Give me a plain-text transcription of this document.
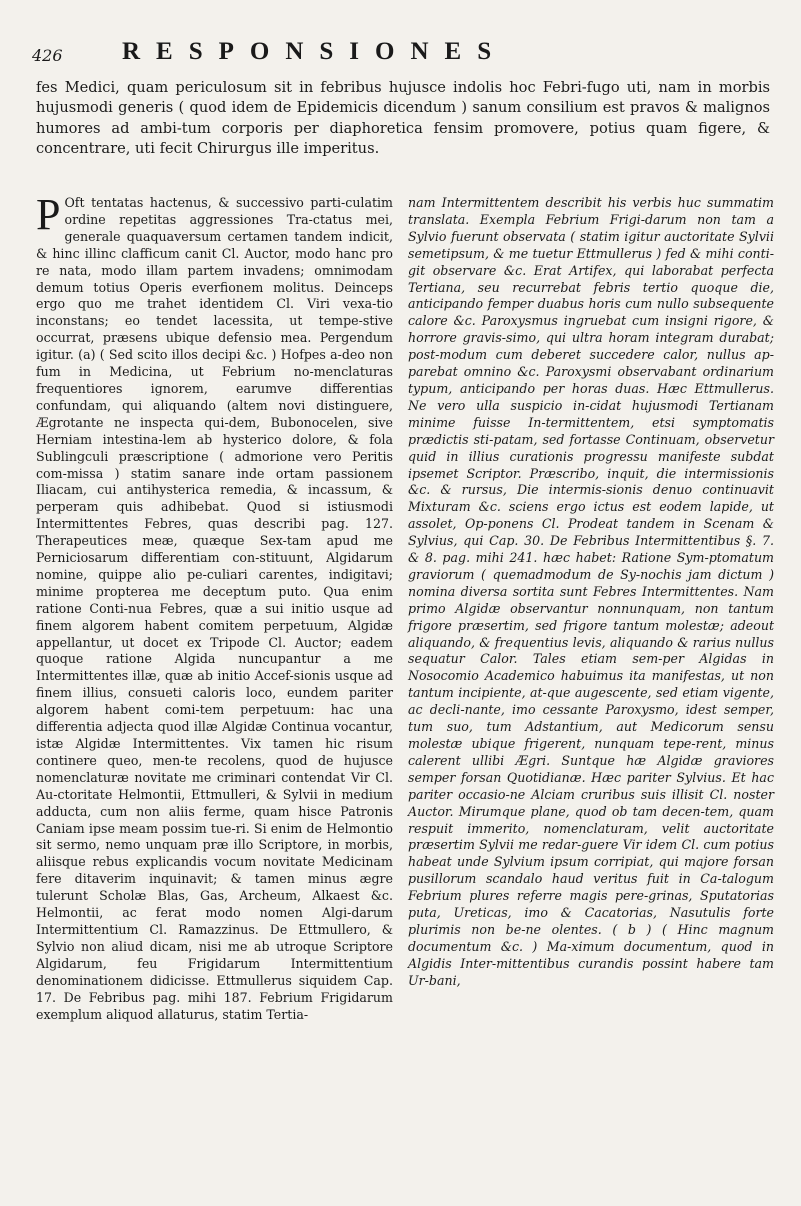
426 RESPONSIONES
fes Medici, quam periculosum sit in febribus hujusce indolis hoc Febri-fugo uti, nam in morbis hujusmodi generis ( quod idem de Epidemicis dicendum ) sanum consilium est pravos & malignos humores ad ambi-tum corporis per diaphoretica fensim promovere, potius quam figere, & concentrare, uti fecit Chirurgus ille imperitus.
P Oft tentatas hactenus, & successivo parti-culatim ordine repetitas aggressiones Tra-ctatus mei, generale quaquaversum certamen tandem indicit, & hinc illinc clafficum canit Cl. Auctor, modo hanc pro re nata, modo illam partem invadens; omnimodam demum totius Operis everfionem molitus. Deinceps ergo quo me trahet identidem Cl. Viri vexa-tio inconstans; eo tendet lacessita, ut tempe-stive occurrat, præsens ubique defensio mea. Pergendum igitur. (a) ( Sed scito illos decipi &c. ) Hofpes a-deo non fum in Medicina, ut Febrium no-menclaturas frequentiores ignorem, earumve differentias confundam, qui aliquando (altem novi distinguere, Ægrotante ne inspecta qui-dem, Bubonocelen, sive Herniam intestina-lem ab hysterico dolore, & fola Sublingculi præscriptione ( admorione vero Peritis com-missa ) statim sanare inde ortam passionem Iliacam, cui antihysterica remedia, & incassum, & perperam quis adhibebat. Quod si istiusmodi Intermittentes Febres, quas describi pag. 127. Therapeutices meæ, quæque Sex-tam apud me Perniciosarum differentiam con-stituunt, Algidarum nomine, quippe alio pe-culiari carentes, indigitavi; minime propterea me deceptum puto. Qua enim ratione Conti-nua Febres, quæ a sui initio usque ad finem algorem habent comitem perpetuum, Algidæ appellantur, ut docet ex Tripode Cl. Auctor; eadem quoque ratione Algida nuncupantur a me Intermittentes illæ, quæ ab initio Accef-sionis usque ad finem illius, consueti caloris loco, eundem pariter algorem habent comi-tem perpetuum: hac una differentia adjecta quod illæ Algidæ Continua vocantur, istæ Algidæ Intermittentes. Vix tamen hic risum continere queo, men-te recolens, quod de hujusce nomenclaturæ novitate me criminari contendat Vir Cl. Au-ctoritate Helmontii, Ettmulleri, & Sylvii in medium adducta, cum non aliis ferme, quam hisce Patronis Caniam ipse meam possim tue-ri. Si enim de Helmontio sit sermo, nemo unquam præ illo Scriptore, in morbis, aliisque rebus explicandis vocum novitate Medicinam fere ditaverim inquinavit; & tamen minus ægre tulerunt Scholæ Blas, Gas, Archeum, Alkaest &c. Helmontii, ac ferat modo nomen Algi-darum Intermittentium Cl. Ramazzinus. De Ettmullero, & Sylvio non aliud dicam, nisi me ab utroque Scriptore Algidarum, feu Frigidarum Intermittentium denominationem didicisse. Ettmullerus siquidem Cap. 17. De Febribus pag. mihi 187. Febrium Frigidarum exemplum aliquod allaturus, statim Tertia-

nam Intermittentem describit his verbis huc summatim translata. Exempla Febrium Frigi-darum non tam a Sylvio fuerunt observata ( statim igitur auctoritate Sylvii semetipsum, & me tuetur Ettmullerus ) fed & mihi conti-git observare &c. Erat Artifex, qui laborabat perfecta Tertiana, seu recurrebat febris tertio quoque die, anticipando femper duabus horis cum nullo subsequente calore &c. Paroxysmus ingruebat cum insigni rigore, & horrore gravis-simo, qui ultra horam integram durabat; post-modum cum deberet succedere calor, nullus ap-parebat omnino &c. Paroxysmi observabant ordinarium typum, anticipando per horas duas. Hæc Ettmullerus. Ne vero ulla suspicio in-cidat hujusmodi Tertianam minime fuisse In-termittentem, etsi symptomatis prædictis sti-patam, sed fortasse Continuam, observetur quid in illius curationis progressu manifeste subdat ipsemet Scriptor. Præscribo, inquit, die intermissionis &c. & rursus, Die intermis-sionis denuo continuavit Mixturam &c. sciens ergo ictus est eodem lapide, ut assolet, Op-ponens Cl. Prodeat tandem in Scenam & Sylvius, qui Cap. 30. De Febribus Intermittentibus §. 7. & 8. pag. mihi 241. hæc habet: Ratione Sym-ptomatum graviorum ( quemadmodum de Sy-nochis jam dictum ) nomina diversa sortita sunt Febres Intermittentes. Nam primo Algidæ observantur nonnunquam, non tantum frigore præsertim, sed frigore tantum molestæ; adeout aliquando, & frequentius levis, aliquando & rarius nullus sequatur Calor. Tales etiam sem-per Algidas in Nosocomio Academico habuimus ita manifestas, ut non tantum incipiente, at-que augescente, sed etiam vigente, ac decli-nante, imo cessante Paroxysmo, idest semper, tum suo, tum Adstantium, aut Medicorum sensu molestæ ubique frigerent, nunquam tepe-rent, minus calerent ullibi Ægri. Suntque hæ Algidæ graviores semper forsan Quotidianæ. Hæc pariter Sylvius. Et hac pariter occasio-ne Alciam cruribus suis illisit Cl. noster Auctor. Mirumque plane, quod ob tam decen-tem, quam respuit immerito, nomenclaturam, velit auctoritate præsertim Sylvii me redar-guere Vir idem Cl. cum potius habeat unde Sylvium ipsum corripiat, qui majore forsan pusillorum scandalo haud veritus fuit in Ca-talogum Febrium plures referre magis pere-grinas, Sputatorias puta, Ureticas, imo & Cacatorias, Nasutulis forte plurimis non be-ne olentes. ( b ) ( Hinc magnum documentum &c. ) Ma-ximum documentum, quod in Algidis Inter-mittentibus curandis possint habere tam Ur-bani,
